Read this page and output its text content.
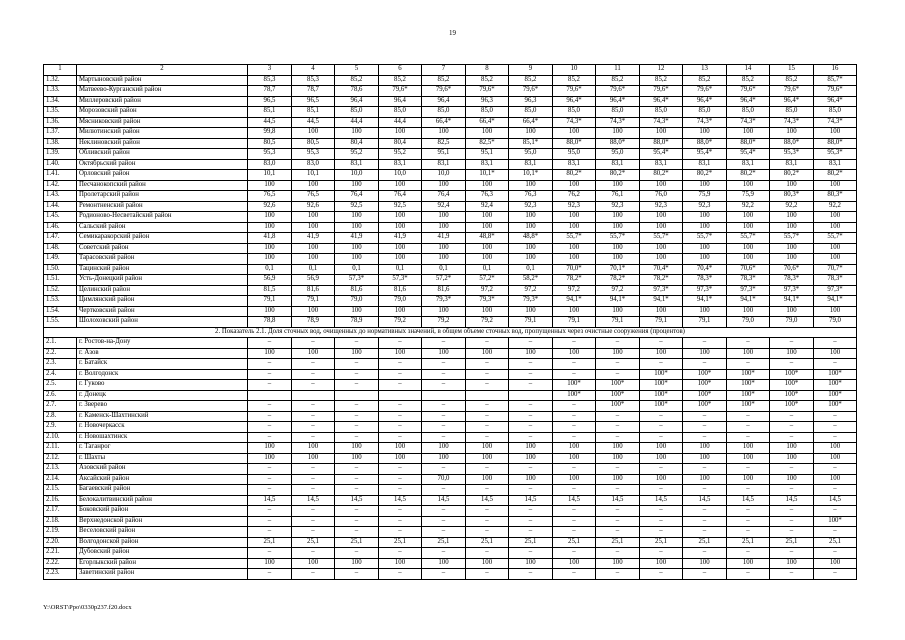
19
1	2	3	4	5	6	7	8	9	10	11	12	13	14	15	16
1.32.	Мартыновский район	85,3	85,3	85,2	85,2	85,2	85,2	85,2	85,2	85,2	85,2	85,2	85,2	85,2	85,7*
1.33.	Матвеево-Курганский район	78,7	78,7	78,6	79,6*	79,6*	79,6*	79,6*	79,6*	79,6*	79,6*	79,6*	79,6*	79,6*	79,6*
1.34.	Миллеровский район	96,5	96,5	96,4	96,4	96,4	96,3	96,3	96,4*	96,4*	96,4*	96,4*	96,4*	96,4*	96,4*
1.35.	Морозовский район	85,1	85,1	85,0	85,0	85,0	85,0	85,0	85,0	85,0	85,0	85,0	85,0	85,0	85,0
1.36.	Мясниковский район	44,5	44,5	44,4	44,4	66,4*	66,4*	66,4*	74,3*	74,3*	74,3*	74,3*	74,3*	74,3*	74,3*
1.37.	Милютинский район	99,8	100	100	100	100	100	100	100	100	100	100	100	100	100
1.38.	Неклиновский район	80,5	80,5	80,4	80,4	82,5	82,5*	85,1*	88,0*	88,0*	88,0*	88,0*	88,0*	88,0*	88,0*
1.39.	Обливский район	95,3	95,3	95,2	95,2	95,1	95,1	95,0	95,0	95,0	95,4*	95,4*	95,4*	95,3*	95,3*
1.40.	Октябрьский район	83,0	83,0	83,1	83,1	83,1	83,1	83,1	83,1	83,1	83,1	83,1	83,1	83,1	83,1
1.41.	Орловский район	10,1	10,1	10,0	10,0	10,0	10,1*	10,1*	80,2*	80,2*	80,2*	80,2*	80,2*	80,2*	80,2*
1.42.	Песчанокопский район	100	100	100	100	100	100	100	100	100	100	100	100	100	100
1.43.	Пролетарский район	76,5	76,5	76,4	76,4	76,4	76,3	76,3	76,2	76,1	76,0	75,9	75,9	80,3*	80,3*
1.44.	Ремонтненский район	92,6	92,6	92,5	92,5	92,4	92,4	92,3	92,3	92,3	92,3	92,3	92,2	92,2	92,2
1.45.	Родионово-Несветайский район	100	100	100	100	100	100	100	100	100	100	100	100	100	100
1.46.	Сальский район	100	100	100	100	100	100	100	100	100	100	100	100	100	100
1.47.	Семикаракорский район	41,8	41,9	41,9	41,9	41,9	48,8*	48,8*	55,7*	55,7*	55,7*	55,7*	55,7*	55,7*	55,7*
1.48.	Советский район	100	100	100	100	100	100	100	100	100	100	100	100	100	100
1.49.	Тарасовский район	100	100	100	100	100	100	100	100	100	100	100	100	100	100
1.50.	Тацинский район	0,1	0,1	0,1	0,1	0,1	0,1	0,1	70,0*	70,1*	70,4*	70,4*	70,6*	70,6*	70,7*
1.51.	Усть-Донецкий район	56,9	56,9	57,3*	57,3*	57,2*	57,2*	58,2*	78,2*	78,2*	78,2*	78,3*	78,3*	78,3*	78,3*
1.52.	Целинский район	81,5	81,6	81,6	81,6	81,6	97,2	97,2	97,2	97,2	97,3*	97,3*	97,3*	97,3*	97,3*
1.53.	Цимлянский район	79,1	79,1	79,0	79,0	79,3*	79,3*	79,3*	94,1*	94,1*	94,1*	94,1*	94,1*	94,1*	94,1*
1.54.	Чертковский район	100	100	100	100	100	100	100	100	100	100	100	100	100	100
1.55.	Шолоховский район	78,8	78,9	78,9	79,2	79,2	79,2	79,1	79,1	79,1	79,1	79,1	79,0	79,0	79,0
2. Показатель 2.1. Доля сточных вод, очищенных до нормативных значений, в общем объеме сточных вод, пропущенных через очистные сооружения (процентов)															
2.1.	г. Ростов-на-Дону	–	–	–	–	–	–	–	–	–	–	–	–	–	–
2.2.	г. Азов	100	100	100	100	100	100	100	100	100	100	100	100	100	100
2.3.	г. Батайск	–	–	–	–	–	–	–	–	–	–	–	–	–	–
2.4.	г. Волгодонск	–	–	–	–	–	–	–	–	–	100*	100*	100*	100*	100*
2.5.	г. Гуково	–	–	–	–	–	–	–	100*	100*	100*	100*	100*	100*	100*
2.6.	г. Донецк								100*	100*	100*	100*	100*	100*	100*
2.7.	г. Зверево	–	–	–	–	–	–	–	–	100*	100*	100*	100*	100*	100*
2.8.	г. Каменск-Шахтинский	–	–	–	–	–	–	–	–	–	–	–	–	–	–
2.9.	г. Новочеркасск	–	–	–	–	–	–	–	–	–	–	–	–	–	–
2.10.	г. Новошахтинск	–	–	–	–	–	–	–	–	–	–	–	–	–	–
2.11.	г. Таганрог	100	100	100	100	100	100	100	100	100	100	100	100	100	100
2.12.	г. Шахты	100	100	100	100	100	100	100	100	100	100	100	100	100	100
2.13.	Азовский район	–	–	–	–	–	–	–	–	–	–	–	–	–	–
2.14.	Аксайский район	–	–	–	–	70,0	100	100	100	100	100	100	100	100	100
2.15.	Багаевский район	–	–	–	–	–	–	–	–	–	–	–	–	–	–
2.16.	Белокалитвинский район	14,5	14,5	14,5	14,5	14,5	14,5	14,5	14,5	14,5	14,5	14,5	14,5	14,5	14,5
2.17.	Боковский район	–	–	–	–	–	–	–	–	–	–	–	–	–	–
2.18.	Верхнедонской район	–	–	–	–	–	–	–	–	–	–	–	–	–	100*
2.19.	Веселовский район	–	–	–	–	–	–	–	–	–	–	–	–	–	–
2.20.	Волгодонской район	25,1	25,1	25,1	25,1	25,1	25,1	25,1	25,1	25,1	25,1	25,1	25,1	25,1	25,1
2.21.	Дубовский район	–	–	–	–	–	–	–	–	–	–	–	–	–	–
2.22.	Егорлыкский район	100	100	100	100	100	100	100	100	100	100	100	100	100	100
2.23.	Заветинский район	–	–	–	–	–	–	–	–	–	–	–	–	–	–
Y:\ORST\Ppo\0330p237.f20.docx
